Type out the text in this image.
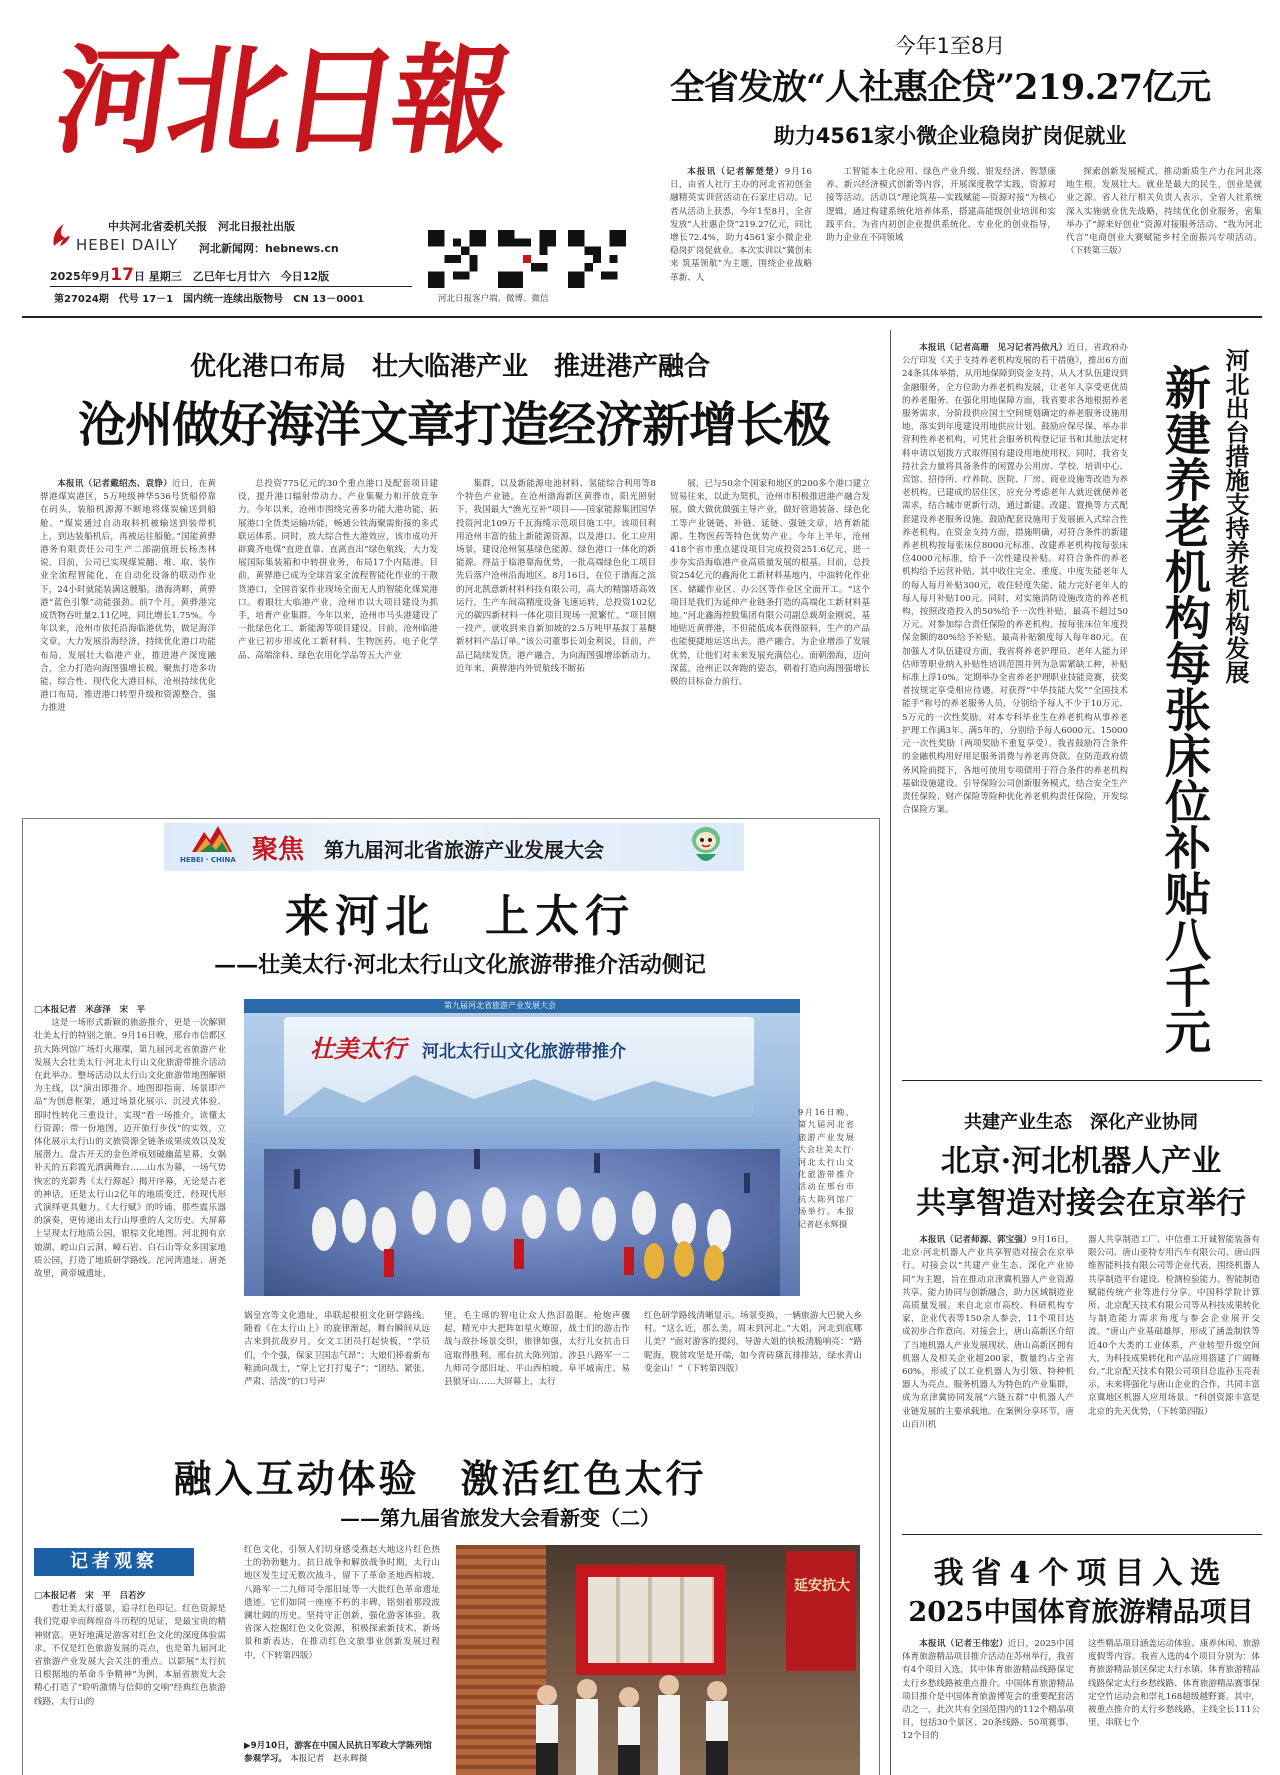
河北日報
中共河北省委机关报　河北日报社出版
HEBEI DAILY 河北新闻网：hebnews.cn
2025年9月17日 星期三　乙巳年七月廿六　今日12版
第27024期　代号 17－1　国内统一连续出版物号　CN 13－0001	河北日报客户端、微博、微信
今年1至8月
全省发放“人社惠企贷”219.27亿元
助力4561家小微企业稳岗扩岗促就业

本报讯（记者解楚楚）9月16日，由省人社厅主办的河北省初创金融精英实训营活动在石家庄启动。记者从活动上获悉，今年1至8月，全省发放“人社惠企贷”219.27亿元，同比增长72.4%，助力4561家小微企业稳岗扩岗促就业。本次实训以“冀创未来 筑基领航”为主题，围绕企业战略革新、人

工智能本土化应用、绿色产业升级、银发经济、智慧康养、新兴经济模式创新等内容，开展深度教学实践，资源对接等活动。活动以“理论筑基—实践赋能—资源对接”为核心逻辑，通过构建系统化培养体系，搭建高能级创业培训和实践平台，为省内初创企业提供系统化、专业化的创业指导，助力企业在不同领域

探索创新发展模式，推动新质生产力在河北落地生根，发展壮大。就业是最大的民生，创业是就业之源。省人社厅相关负责人表示，全省人社系统深入实施就业优先战略，持续优化创业服务，密集举办了“源来好创业”资源对接服务活动、“我为河北代言”电商创业大赛赋能乡村全面振兴专项活动。（下转第三版）

优化港口布局　壮大临港产业　推进港产融合
沧州做好海洋文章打造经济新增长极

本报讯（记者戴绍杰、袁铮）近日，在黄骅港煤炭港区，5万吨级神华536号货船停靠在码头，装船机源源不断地将煤炭输送到船舱。“煤炭通过自动取料机被输送到装带机上，到达装船机后，再被运往船舱。”国能黄骅港务有限责任公司生产二部副值班长杨杰林说，目前，公司已实现煤炭翻、堆、取、装作业全流程智能化，在自动化设备的联动作业下，24小时就能装满这艘船。渤海湾畔，黄骅港“蓝色引擎”动能强劲。前7个月，黄骅港完成货物吞吐量2.11亿吨，同比增长1.75%。今年以来，沧州市依托沿海临港优势，做足海洋文章，大力发展沿海经济，持续优化港口功能布局，发展壮大临港产业，推进港产深度融合，全力打造向海图强增长极。聚焦打造多功能、综合性、现代化大港目标，沧州持续优化港口布局，推进港口转型升级和资源整合，强力推进

总投资775亿元的30个重点港口及配套项目建设，提升港口辐射带动力、产业集聚力和开放竞争力。今年以来，沧州市围绕完善多功能大港功能，拓展港口全货类运输功能，畅通公铁海聚需衔接的多式联运体系。同时，放大综合性大港效应，该市成功开辟冀齐电煤“直进直靠、直离直出”绿色航线，大力发展国际集装箱和中转拼业务，布局17个内陆港。目前，黄骅港已成为全球首家全流程智能化作业的干散货港口，全国首家作业现场全面无人的智能化煤炭港口。着眼壮大临港产业，沧州市以大项目建设为抓手，培育产业集群。今年以来，沧州市马头港建设了一批绿色化工、新能源等项目建设。目前，沧州临港产业已初步形成化工新材料、生物医药、电子化学品、高端涂料、绿色农用化学品等五大产业

集群，以及新能源电池材料、氢能综合利用等8个特色产业链。在沧州渤海新区黄骅市，阳光照射下，我国最大“渔光互补”项目——国家能源集团国华投资河北109万千瓦海缆示范项目施工中。该项目利用沧州丰富的盐上新能源资源，以及港口、化工应用场景，建设沧州氢基绿色能源、绿色港口一体化的新能源。得益于临港靠海优势，一批高端绿色化工项目先后落户沧州沿海地区。8月16日，在位于渤海之滨的河北凯意新材料科技有限公司，高大的精馏塔高效运行，生产车间高精度设备飞速运转，总投资102亿元的碳四新材料一体化项目现场一派繁忙。“项目刚一投产，就收到来自新加坡的2.5万吨甲基叔丁基醚新材料产品订单。”该公司董事长刘金利说，目前，产品已陆续发货。港产融合，为向海图强增添新动力。近年来，黄骅港内外贸航线不断拓

展，已与50余个国家和地区的200多个港口建立贸易往来，以此为契机，沧州市积极推进港产融合发展，做大做优做强主导产业，做好管道装备、绿色化工等产业链链、补链、延链、强链文章，培育新能源、生物医药等特色优势产业。今年上半年，沧州418个省市重点建设项目完成投资251.6亿元，进一步夯实沿海临港产业高质量发展的根基。目前，总投资254亿元的鑫海化工新材料基地内，中油转化作业区、储罐作业区、办公区等作业区全面开工。“这个项目是我们为延伸产业链条打造的高端化工新材料基地。”河北鑫海控股集团有限公司副总裁胡金刚说，基地贴近黄骅港，不但能低成本获得原料，生产的产品也能便捷地运送出去。港产融合，为企业增添了发展优势，让他们对未来发展充满信心。面朝渤海，迈向深蓝。沧州正以奔跑的姿态，朝着打造向海图强增长极的目标奋力前行。

HEBEI · CHINA 聚焦 第九届河北省旅游产业发展大会
来河北　上太行
——壮美太行·河北太行山文化旅游带推介活动侧记

□本报记者　米彦泽　宋　平

这是一场形式新颖的旅游推介，更是一次解锁壮美太行的特别之旅。9月16日晚，邢台市信都区抗大陈列馆广场灯火璀璨，第九届河北省旅游产业发展大会壮美太行·河北太行山文化旅游带推介活动在此举办。整场活动以太行山文化旅游带地图解锁为主线，以“演出即推介、地图即指南、场景即产品”为创意框架，通过场景化展示、沉浸式体验、即时性转化三重设计，实现“看一场推介，读懂太行资源；带一份地图，迈开旅行步伐”的实效，立体化展示太行山的文旅资源全链条成果成效以及发展潜力。盘古开天的金色斧痕划破幽蓝星幕，女娲补天的五彩霞光洒满舞台……山水为幕，一场气势恢宏的光影秀《太行源起》揭开序幕，无论是古老的神话，还是太行山2亿年的地质变迁，经现代形式演绎更具魅力。《大行赋》的吟诵、那些震乐器的演奏，更传递出太行山厚重的人文历史。大屏幕上呈现太行地质公园，银棕文化地图。河北拥有京娘湖、崆山白云洞、嶂石岩、白石山等众多国家地质公园，打造了地质研学路线。沱河湾遗址、唐尧故里，黄帝城遗址，

第九届河北省旅游产业发展大会
壮美太行 河北太行山文化旅游带推介
9月16日晚，第九届河北省旅游产业发展大会壮美太行·河北太行山文化旅游带推介活动在邢台市抗大陈列馆广场举行。本报记者赵永辉摄

娲皇宫等文化遗址，串联起根祖文化研学路线。随着《在太行山上》的旋律渐起，舞台瞬间从远古来到抗战岁月。女文工团员打起快板，“学员们，个个强，保家卫国志气昂”；大娘们捧着新布鞋涌向战士，“穿上它打打鬼子”；“团结、紧张、严肃、活泼”的口号声

里，毛主席的智电让众人热泪盈眶。枪炮声骤起，精光中大把阵如星火燎原，战士们的游击作战与敌扑场景交织，旅律如强，太行儿女抗击日寇取得胜利。邢台抗大陈列馆、涉县八路军一二九师司令部旧址、平山西柏坡、阜平城南庄、易县狼牙山……大屏幕上，太行

红色研学路线清晰显示。场景变换，一辆旅游大巴驶入乡村。“这么近，那么美，周末到河北。”大姐，河北到底哪儿美？”面对游客的提问，导游大姐的快板清脆响亮：“路昵海，脱贫攻坚是开端，如今青砖黛瓦排排站，绿水青山变金山！”（下转第四版）

融入互动体验　激活红色太行
——第九届省旅发大会看新变（二）
记者观察

□本报记者　宋　平　吕若汐

看壮美太行盛景，追寻红色印记。红色资源是我们党艰辛而辉煌奋斗历程的见证，是最宝贵的精神财富。更好地满足游客对红色文化的深度体验需求，不仅是红色旅游发展的亮点，也是第九届河北省旅游产业发展大会关注的重点。以影展“太行抗日根据地的革命斗争精神”为例，本届省旅发大会精心打造了“聆听激情与信仰的交响”经典红色旅游线路，太行山的

红色文化，引领人们切身感受燕赵大地这片红色热土的勃勃魅力。抗日战争和解放战争时期，太行山地区发生过无数次战斗，留下了革命圣地西柏坡、八路军一二九师司令部旧址等一大批红色革命遗址遗迹。它们如同一座座不朽的丰碑，铭刻着那段波澜壮阔的历史。坚持守正创新，强化游客体验。我省深入挖掘红色文化资源，积极探索新技术、新场景和新表达，在推动红色文旅事业创新发展过程中，（下转第四版）

▶9月10日，游客在中国人民抗日军政大学陈列馆参观学习。 本报记者　赵永辉摄
延安抗大
河北出台措施支持养老机构发展
新建养老机构每张床位补贴八千元

本报讯（记者高珊　见习记者冯依凡）近日，省政府办公厅印发《关于支持养老机构发展的若干措施》，推出6方面24条具体举措，从用地保障到资金支持，从人才队伍建设到金融服务，全方位助力养老机构发展，让老年人享受更优质的养老服务。在强化用地保障方面，我省要求各地根据养老服务需求，分阶段供应国土空间规划确定的养老服务设施用地，落实到年度建设用地供应计划。鼓励应保尽保、举办非营利性养老机构，可凭社会服务机构登记证书和其他法定材料申请以划拨方式取得国有建设用地使用权。同时，我省支持社会力量将具备条件的闲置办公用房、学校、培训中心、宾馆、招待所、疗养院、医院、厂房、商业设施等改造为养老机构。已建成的居住区，应充分考虑老年人就近就便养老需求，结合城市更新行动，通过新建、改建、置换等方式配套建设养老服务设施。鼓励配套设施用于发展嵌入式综合性养老机构。在资金支持方面，措施明确，对符合条件的新建养老机构按每张床位8000元标准、改建养老机构按每张床位4000元标准，给予一次性建设补贴。对符合条件的养老机构给予运营补贴，其中收住完全、重度、中度失能老年人的每人每月补贴300元，收住轻度失能、能力完好老年人的每人每月补贴100元。同时，对实施消防设施改造的养老机构，按照改造投入的50%给予一次性补贴，最高不超过50万元。对参加综合责任保险的养老机构，按每张床位年度投保金额的80%给予补贴，最高补贴额度每人每年80元。在加强人才队伍建设方面，我省将养老护理员、老年人能力评估师等职业纳入补贴性培训范围并列为急需紧缺工种，补贴标准上浮10%。定期举办全省养老护理职业技能竞赛，获奖者按规定享受相应待遇。对获得“中华技能大奖”“全国技术能手”称号的养老服务人员，分别给予每人不少于10万元、5万元的一次性奖励。对本专科毕业生在养老机构从事养老护理工作满3年、满5年的，分别给予每人6000元、15000元一次性奖励（两项奖励不重复享受）。我省鼓励符合条件的金融机构用好用足服务消费与养老再贷款。在防范政府债务风险前提下，各地可使用专项债用于符合条件的养老机构基础设施建设。引导保险公司创新服务模式，结合安全生产责任保险、财产保险等险种优化养老机构责任保险，开发综合保险方案。

共建产业生态　深化产业协同
北京·河北机器人产业
共享智造对接会在京举行

本报讯（记者师源、郭宝强）9月16日，北京·河北机器人产业共享智造对接会在京举行。对接会以“共建产业生态、深化产业协同”为主题，旨在推动京津冀机器人产业资源共享、能力协同与创新融合，助力区域制造业高质量发展。来自北京市高校、科研机构专家，企业代表等150余人参会，11个项目达成初步合作意向。对接会上，唐山高新区介绍了当地机器人产业发展现状。唐山高新区拥有机器人及相关企业超200家，数量约占全省60%，形成了以工业机器人为引领、特种机器人为亮点、服务机器人为特色的产业集群，成为京津冀协同发展“六链五群”中机器人产业链发展的主要承载地。在案例分享环节，唐山百川机

器人共享制造工厂、中信重工开诚智能装备有限公司、唐山亚特专用汽车有限公司、唐山四维智能科技有限公司等企业代表，围绕机器人共享制造平台建设、检测检验能力、智能制造赋能传统产业等进行分享。中国科学院计算所、北京配天技术有限公司等从科技成果转化与制造能力需求角度与参会企业展开交流。“唐山产业基础雄厚，形成了涵盖制铁等近40个大类的工业体系，产业转型升级空间大，为科技成果转化和产品应用搭建了广阔舞台。”北京配天技术有限公司项目总监孙玉亮表示，未来将强化与唐山企业的合作，共同丰富京冀地区机器人应用场景。“科创资源丰富是北京的先天优势，（下转第四版）

我省4个项目入选
2025中国体育旅游精品项目

本报讯（记者王伟宏）近日，2025中国体育旅游精品项目推介活动在苏州举行，我省有4个项目入选，其中体育旅游精品线路保定太行乡愁线路被重点推介。中国体育旅游精品项目推介是中国体育旅游博览会的重要配套活动之一，此次共有全国范围内的112个精品项目，包括30个景区、20条线路、50项赛事、12个目的

这些精品项目涵盖运动体验、康养休闲、旅游度假等内容。我省入选的4个项目分别为：体育旅游精品景区保定太行水镇、体育旅游精品线路保定太行乡愁线路、体育旅游精品赛事保定空竹运动会和崇礼168超级越野赛。其中，被重点推介的太行乡愁线路，主线全长111公里，串联七个
